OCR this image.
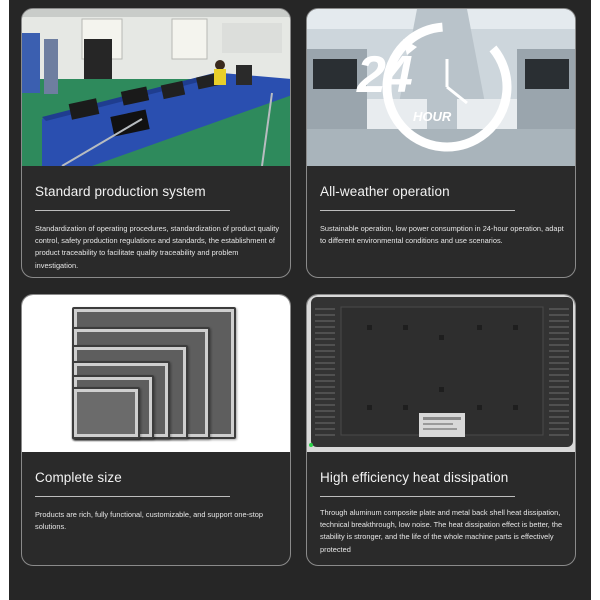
Standard production system

Standardization of operating procedures, standardization of product quality control, safety production regulations and standards, the establishment of product traceability to facilitate quality traceability and problem investigation.

24
HOUR
All-weather operation

Sustainable operation, low power consumption in 24-hour operation, adapt to different environmental conditions and use scenarios.

Complete size

Products are rich, fully functional, customizable, and support one-stop solutions.

High efficiency heat dissipation

Through aluminum composite plate and metal back shell heat dissipation, technical breakthrough, low noise. The heat dissipation effect is better, the stability is stronger, and the life of the whole machine parts is effectively protected
